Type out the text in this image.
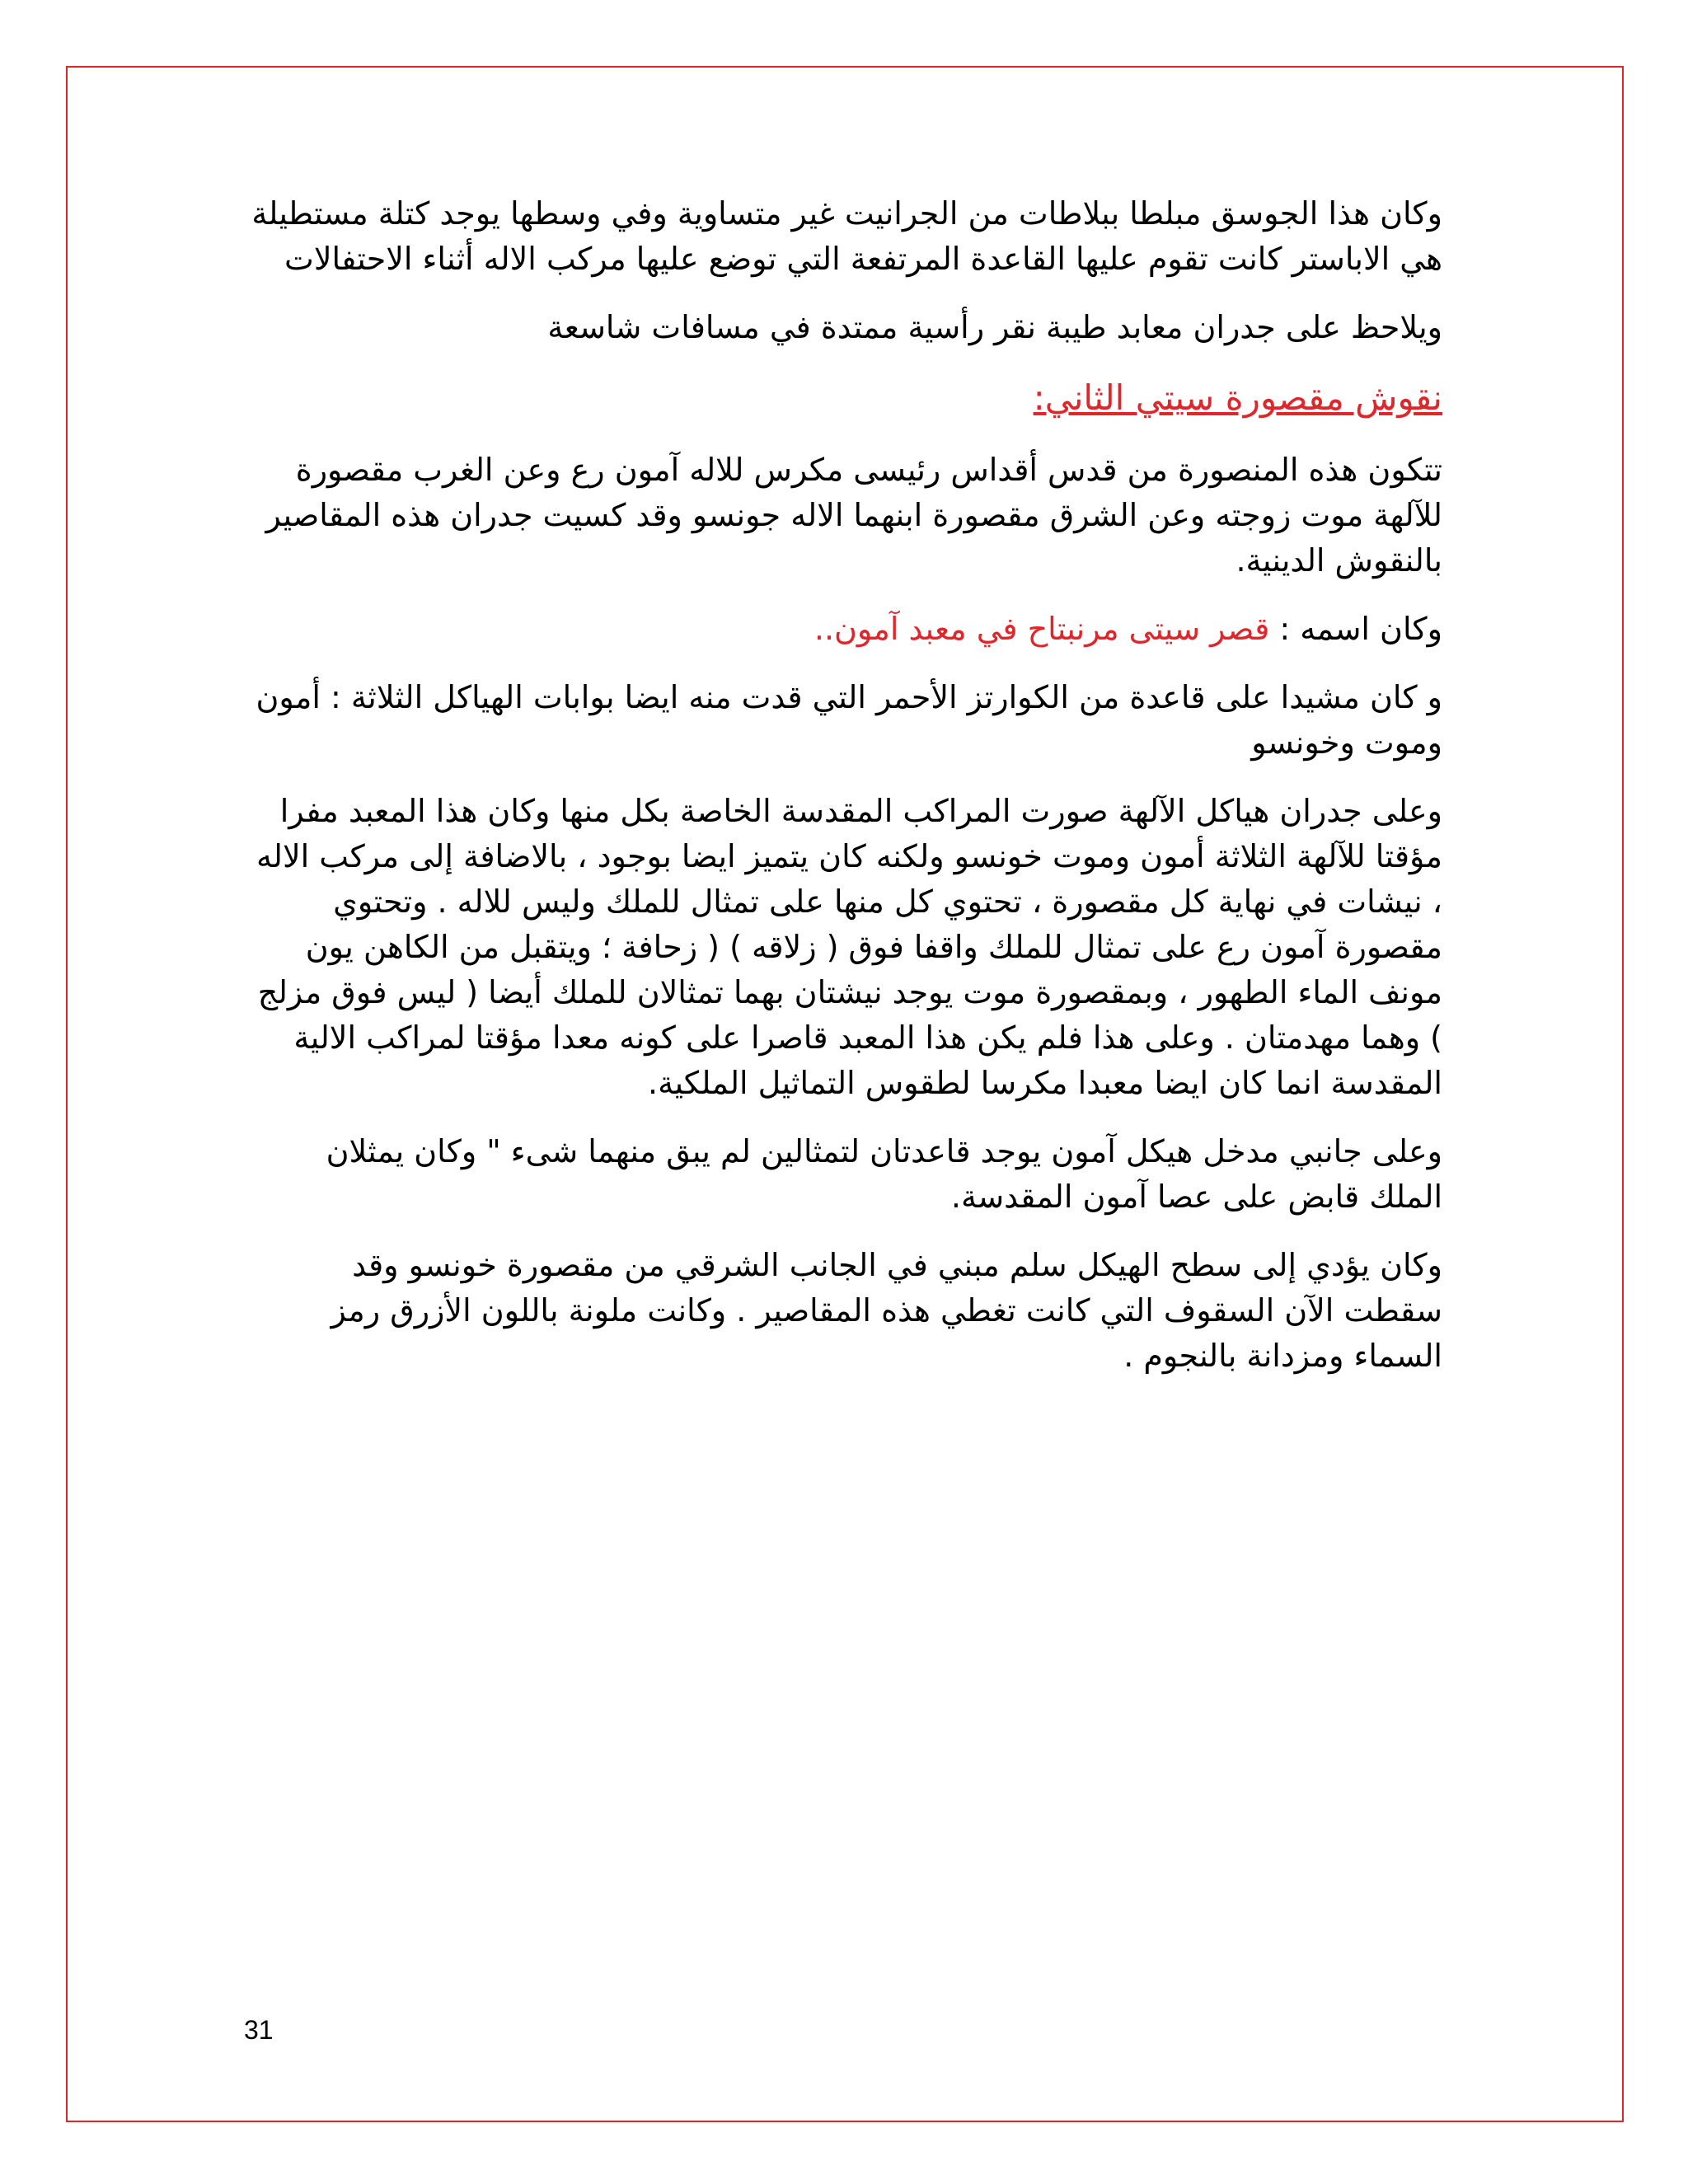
وكان هذا الجوسق مبلطا ببلاطات من الجرانيت غير متساوية وفي وسطها يوجد كتلة مستطيلة هي الاباستر كانت تقوم عليها القاعدة المرتفعة التي توضع عليها مركب الاله أثناء الاحتفالات

ويلاحظ على جدران معابد طيبة نقر رأسية ممتدة في مسافات شاسعة

نقوش مقصورة سيتي الثاني:

تتكون هذه المنصورة من قدس أقداس رئيسى مكرس للاله آمون رع وعن الغرب مقصورة للآلهة موت زوجته وعن الشرق مقصورة ابنهما الاله جونسو وقد كسيت جدران هذه المقاصير بالنقوش الدينية.

وكان اسمه : قصر سيتى مرنبتاح في معبد آمون..

و كان مشيدا على قاعدة من الكوارتز الأحمر التي قدت منه ايضا بوابات الهياكل الثلاثة : أمون وموت وخونسو

وعلى جدران هياكل الآلهة صورت المراكب المقدسة الخاصة بكل منها وكان هذا المعبد مفرا مؤقتا للآلهة الثلاثة أمون وموت خونسو ولكنه كان يتميز ايضا بوجود ، بالاضافة إلى مركب الاله ، نيشات في نهاية كل مقصورة ، تحتوي كل منها على تمثال للملك وليس للاله . وتحتوي مقصورة آمون رع على تمثال للملك واقفا فوق ( زلاقه ) ( زحافة ؛ ويتقبل من الكاهن يون مونف الماء الطهور ، وبمقصورة موت يوجد نيشتان بهما تمثالان للملك أيضا ( ليس فوق مزلج ) وهما مهدمتان . وعلى هذا فلم يكن هذا المعبد قاصرا على كونه معدا مؤقتا لمراكب الالية المقدسة انما كان ايضا معبدا مكرسا لطقوس التماثيل الملكية.

وعلى جانبي مدخل هيكل آمون يوجد قاعدتان لتمثالين لم يبق منهما شىء " وكان يمثلان الملك قابض على عصا آمون المقدسة.

وكان يؤدي إلى سطح الهيكل سلم مبني في الجانب الشرقي من مقصورة خونسو وقد سقطت الآن السقوف التي كانت تغطي هذه المقاصير . وكانت ملونة باللون الأزرق رمز السماء ومزدانة بالنجوم .

31
